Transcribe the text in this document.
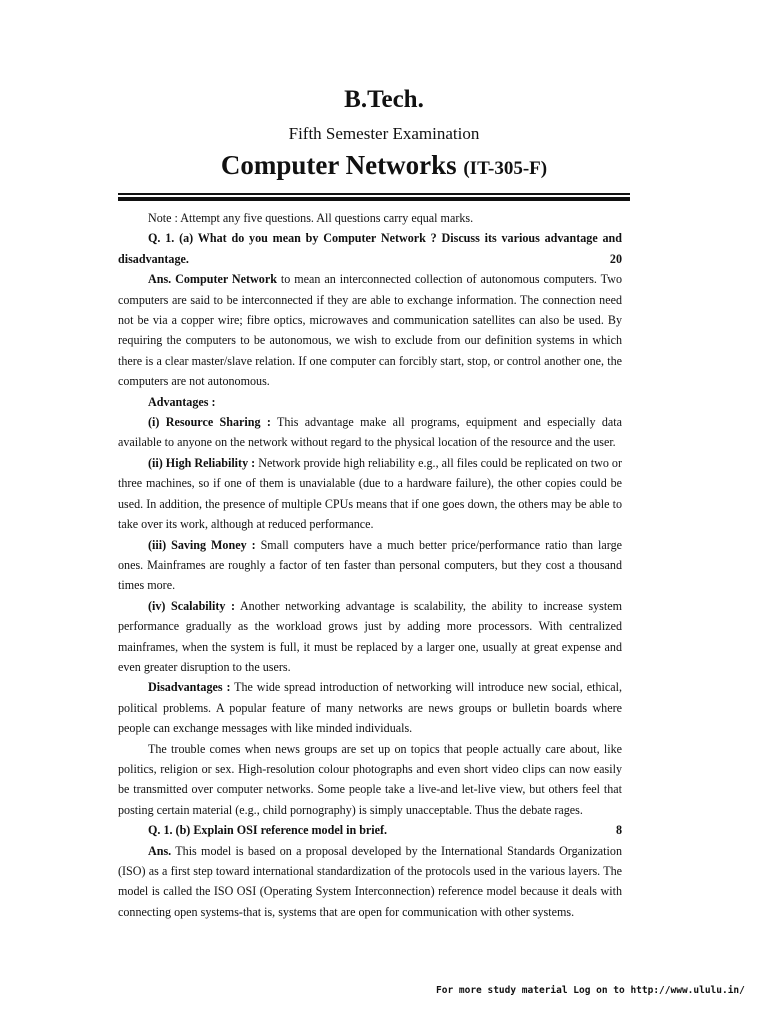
B.Tech.
Fifth Semester Examination
Computer Networks (IT-305-F)

Note : Attempt any five questions. All questions carry equal marks.

Q. 1. (a) What do you mean by Computer Network ? Discuss its various advantage and disadvantage.	20

Ans. Computer Network to mean an interconnected collection of autonomous computers. Two computers are said to be interconnected if they are able to exchange information. The connection need not be via a copper wire; fibre optics, microwaves and communication satellites can also be used. By requiring the computers to be autonomous, we wish to exclude from our definition systems in which there is a clear master/slave relation. If one computer can forcibly start, stop, or control another one, the computers are not autonomous.

Advantages :

(i) Resource Sharing : This advantage make all programs, equipment and especially data available to anyone on the network without regard to the physical location of the resource and the user.

(ii) High Reliability : Network provide high reliability e.g., all files could be replicated on two or three machines, so if one of them is unavialable (due to a hardware failure), the other copies could be used. In addition, the presence of multiple CPUs means that if one goes down, the others may be able to take over its work, although at reduced performance.

(iii) Saving Money : Small computers have a much better price/performance ratio than large ones. Mainframes are roughly a factor of ten faster than personal computers, but they cost a thousand times more.

(iv) Scalability : Another networking advantage is scalability, the ability to increase system performance gradually as the workload grows just by adding more processors. With centralized mainframes, when the system is full, it must be replaced by a larger one, usually at great expense and even greater disruption to the users.

Disadvantages : The wide spread introduction of networking will introduce new social, ethical, political problems. A popular feature of many networks are news groups or bulletin boards where people can exchange messages with like minded individuals.

The trouble comes when news groups are set up on topics that people actually care about, like politics, religion or sex. High-resolution colour photographs and even short video clips can now easily be transmitted over computer networks. Some people take a live-and let-live view, but others feel that posting certain material (e.g., child pornography) is simply unacceptable. Thus the debate rages.

Q. 1. (b) Explain OSI reference model in brief.	8

Ans. This model is based on a proposal developed by the International Standards Organization (ISO) as a first step toward international standardization of the protocols used in the various layers. The model is called the ISO OSI (Operating System Interconnection) reference model because it deals with connecting open systems-that is, systems that are open for communication with other systems.

For more study material Log on to http://www.ululu.in/
